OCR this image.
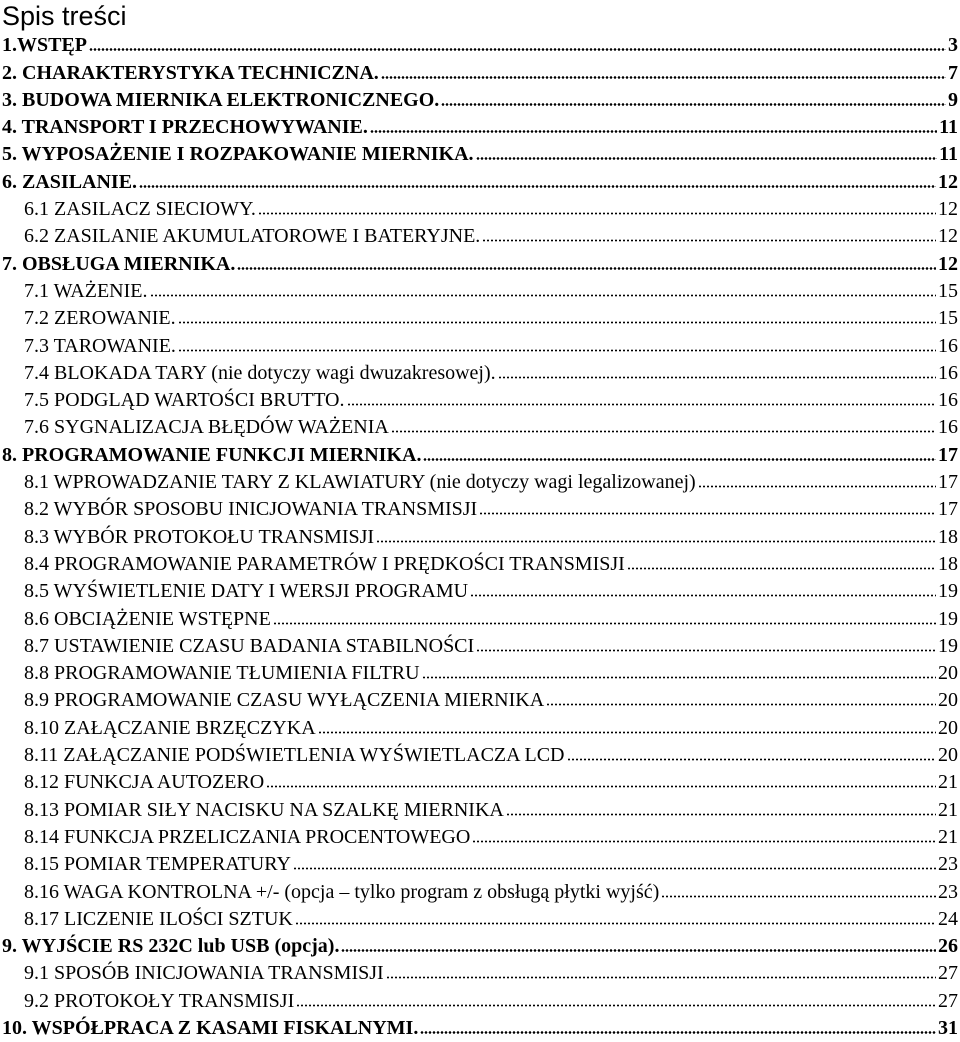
Spis treści
1.WSTĘP	3
2. CHARAKTERYSTYKA TECHNICZNA.	7
3. BUDOWA MIERNIKA ELEKTRONICZNEGO.	9
4. TRANSPORT I PRZECHOWYWANIE.	11
5. WYPOSAŻENIE I ROZPAKOWANIE MIERNIKA.	11
6. ZASILANIE.	12
6.1 ZASILACZ SIECIOWY.	12
6.2 ZASILANIE AKUMULATOROWE I BATERYJNE.	12
7. OBSŁUGA MIERNIKA.	12
7.1 WAŻENIE.	15
7.2 ZEROWANIE.	15
7.3 TAROWANIE.	16
7.4 BLOKADA TARY (nie dotyczy wagi dwuzakresowej).	16
7.5 PODGLĄD WARTOŚCI BRUTTO.	16
7.6 SYGNALIZACJA BŁĘDÓW WAŻENIA	16
8. PROGRAMOWANIE FUNKCJI MIERNIKA.	17
8.1 WPROWADZANIE TARY Z KLAWIATURY (nie dotyczy wagi legalizowanej)	17
8.2 WYBÓR SPOSOBU INICJOWANIA TRANSMISJI	17
8.3 WYBÓR PROTOKOŁU TRANSMISJI	18
8.4 PROGRAMOWANIE PARAMETRÓW I PRĘDKOŚCI TRANSMISJI	18
8.5 WYŚWIETLENIE DATY I WERSJI PROGRAMU	19
8.6 OBCIĄŻENIE WSTĘPNE	19
8.7 USTAWIENIE CZASU BADANIA STABILNOŚCI	19
8.8 PROGRAMOWANIE TŁUMIENIA FILTRU	20
8.9 PROGRAMOWANIE CZASU WYŁĄCZENIA MIERNIKA	20
8.10 ZAŁĄCZANIE BRZĘCZYKA	20
8.11 ZAŁĄCZANIE PODŚWIETLENIA WYŚWIETLACZA LCD	20
8.12 FUNKCJA AUTOZERO	21
8.13 POMIAR SIŁY NACISKU NA SZALKĘ MIERNIKA	21
8.14 FUNKCJA PRZELICZANIA PROCENTOWEGO	21
8.15 POMIAR TEMPERATURY	23
8.16 WAGA KONTROLNA +/- (opcja – tylko program z obsługą płytki wyjść)	23
8.17 LICZENIE ILOŚCI SZTUK	24
9. WYJŚCIE RS 232C lub USB (opcja).	26
9.1 SPOSÓB INICJOWANIA TRANSMISJI	27
9.2 PROTOKOŁY TRANSMISJI	27
10. WSPÓŁPRACA Z KASAMI FISKALNYMI.	31
